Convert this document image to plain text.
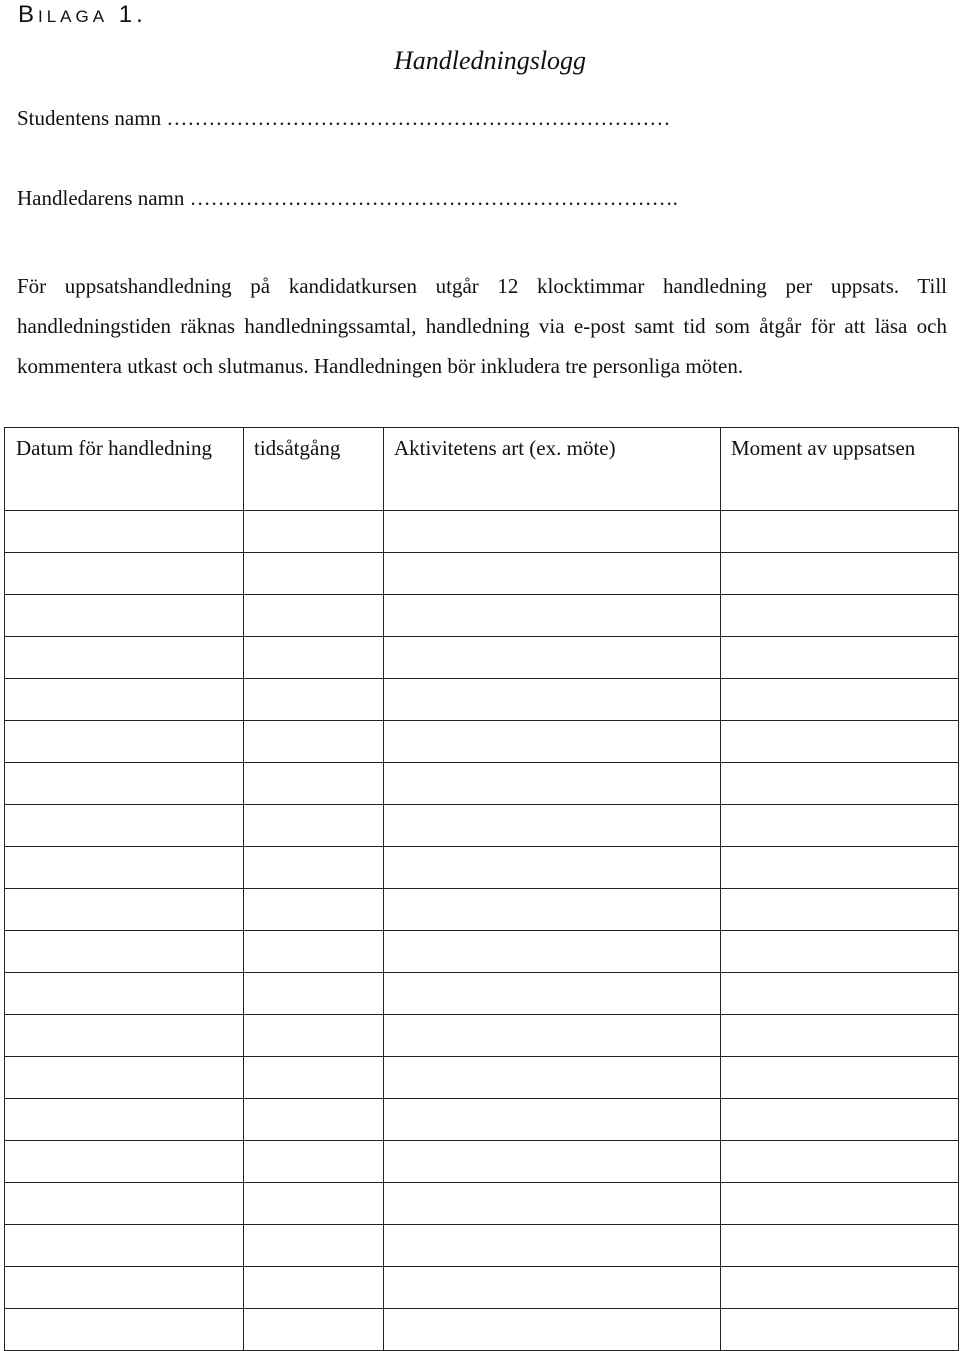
Bilaga 1.
Handledningslogg
Studentens namn ………………………………………………………………
Handledarens namn …………………………………………………………….
För uppsatshandledning på kandidatkursen utgår 12 klocktimmar handledning per uppsats. Till handledningstiden räknas handledningssamtal, handledning via e-post samt tid som åtgår för att läsa och kommentera utkast och slutmanus. Handledningen bör inkludera tre personliga möten.
Datum för handledning	tidsåtgång	Aktivitetens art (ex. möte)	Moment av uppsatsen
